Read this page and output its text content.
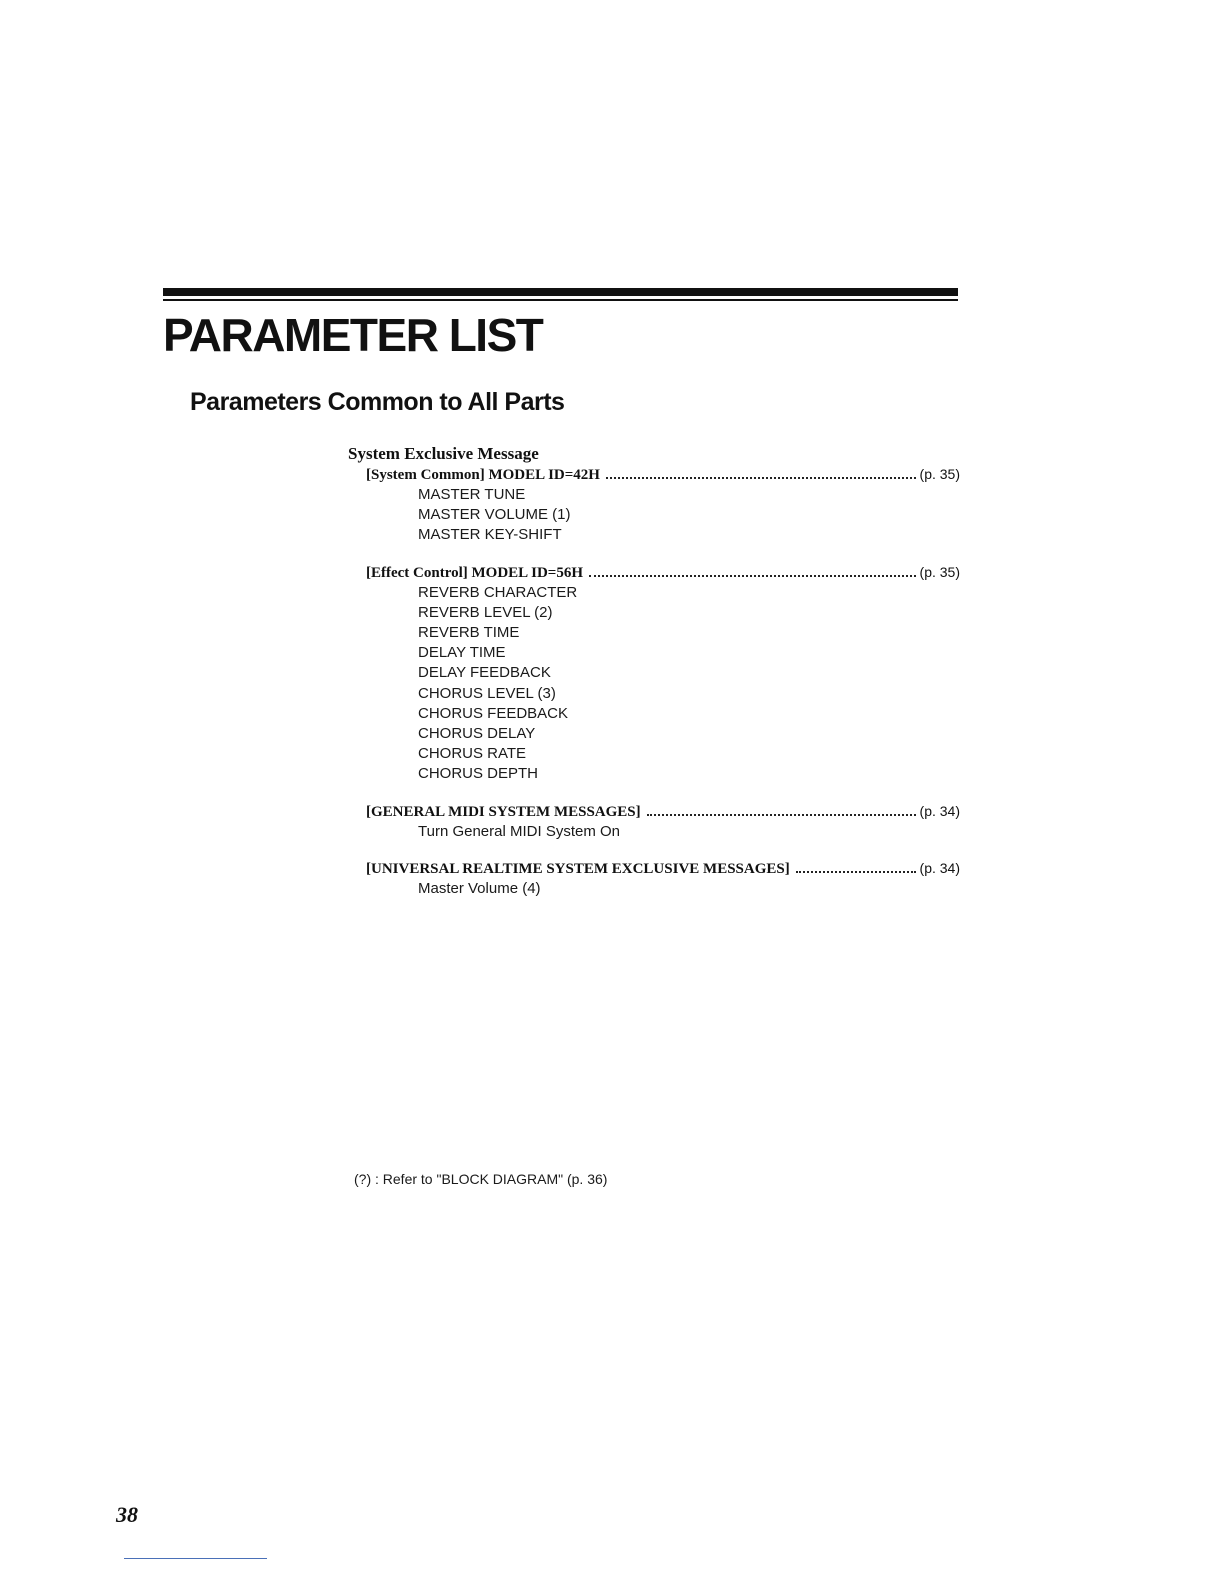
PARAMETER LIST
Parameters Common to All Parts
System Exclusive Message
[System Common] MODEL ID=42H	(p. 35)
MASTER TUNE
MASTER VOLUME (1)
MASTER KEY-SHIFT
[Effect Control] MODEL ID=56H	(p. 35)
REVERB CHARACTER
REVERB LEVEL (2)
REVERB TIME
DELAY TIME
DELAY FEEDBACK
CHORUS LEVEL (3)
CHORUS FEEDBACK
CHORUS DELAY
CHORUS RATE
CHORUS DEPTH
[GENERAL MIDI SYSTEM MESSAGES]	(p. 34)
Turn General MIDI System On
[UNIVERSAL REALTIME SYSTEM EXCLUSIVE MESSAGES]	(p. 34)
Master Volume (4)

(?) : Refer to "BLOCK DIAGRAM" (p. 36)

38
